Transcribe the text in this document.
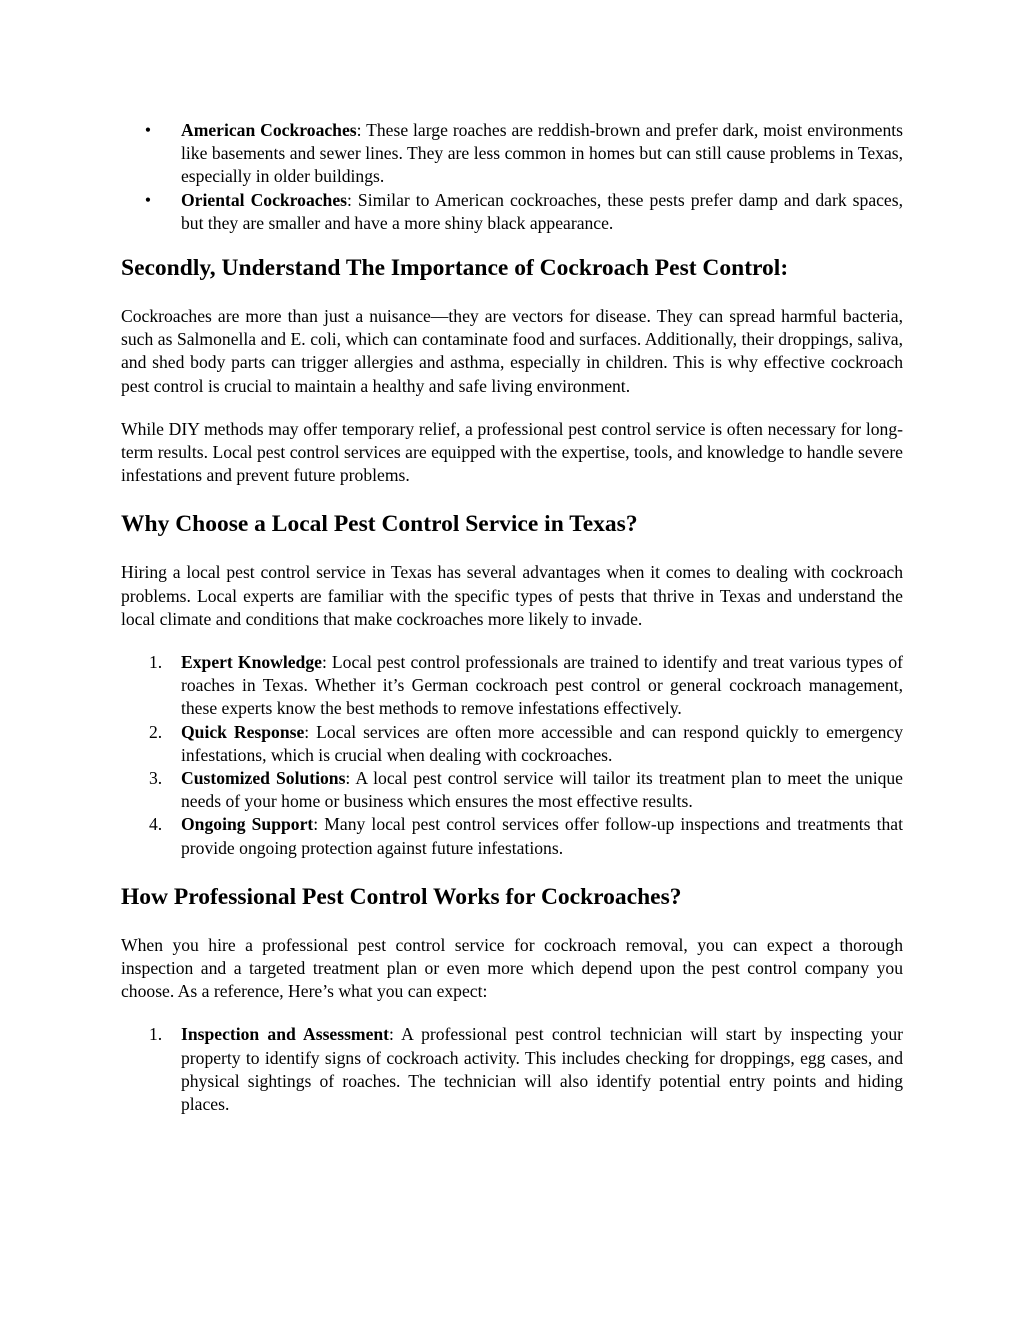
• American Cockroaches: These large roaches are reddish-brown and prefer dark, moist environments like basements and sewer lines. They are less common in homes but can still cause problems in Texas, especially in older buildings.
• Oriental Cockroaches: Similar to American cockroaches, these pests prefer damp and dark spaces, but they are smaller and have a more shiny black appearance.
Secondly, Understand The Importance of Cockroach Pest Control:

Cockroaches are more than just a nuisance—they are vectors for disease. They can spread harmful bacteria, such as Salmonella and E. coli, which can contaminate food and surfaces. Additionally, their droppings, saliva, and shed body parts can trigger allergies and asthma, especially in children. This is why effective cockroach pest control is crucial to maintain a healthy and safe living environment.

While DIY methods may offer temporary relief, a professional pest control service is often necessary for long-term results. Local pest control services are equipped with the expertise, tools, and knowledge to handle severe infestations and prevent future problems.

Why Choose a Local Pest Control Service in Texas?

Hiring a local pest control service in Texas has several advantages when it comes to dealing with cockroach problems. Local experts are familiar with the specific types of pests that thrive in Texas and understand the local climate and conditions that make cockroaches more likely to invade.

1.	Expert Knowledge: Local pest control professionals are trained to identify and treat various types of roaches in Texas. Whether it’s German cockroach pest control or general cockroach management, these experts know the best methods to remove infestations effectively.
2.	Quick Response: Local services are often more accessible and can respond quickly to emergency infestations, which is crucial when dealing with cockroaches.
3.	Customized Solutions: A local pest control service will tailor its treatment plan to meet the unique needs of your home or business which ensures the most effective results.
4.	Ongoing Support: Many local pest control services offer follow-up inspections and treatments that provide ongoing protection against future infestations.
How Professional Pest Control Works for Cockroaches?

When you hire a professional pest control service for cockroach removal, you can expect a thorough inspection and a targeted treatment plan or even more which depend upon the pest control company you choose. As a reference, Here’s what you can expect:

1.	Inspection and Assessment: A professional pest control technician will start by inspecting your property to identify signs of cockroach activity. This includes checking for droppings, egg cases, and physical sightings of roaches. The technician will also identify potential entry points and hiding places.
